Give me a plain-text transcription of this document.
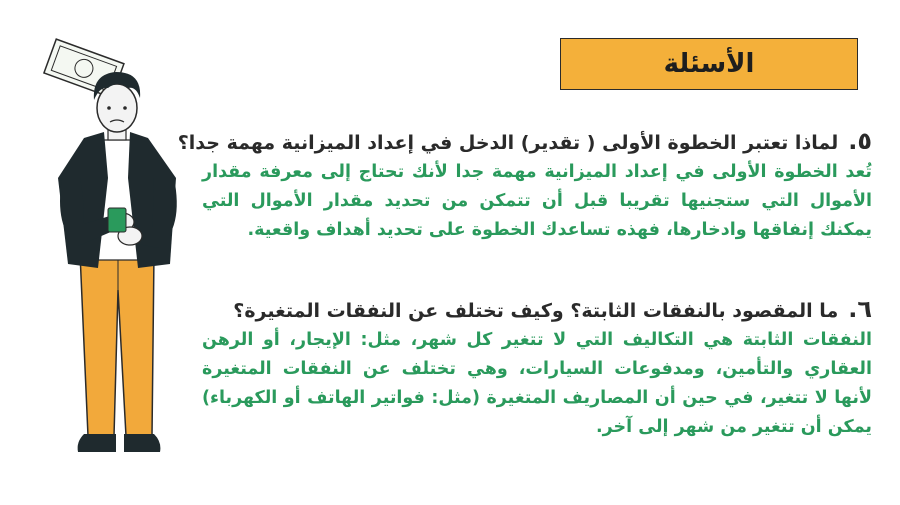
الأسئلة
٥.لماذا تعتبر الخطوة الأولى ( تقدير) الدخل في إعداد الميزانية مهمة جدا؟
تُعد الخطوة الأولى في إعداد الميزانية مهمة جدا لأنك تحتاج إلى معرفة مقدار الأموال التي ستجنيها تقريبا قبل أن تتمكن من تحديد مقدار الأموال التي يمكنك إنفاقها وادخارها، فهذه تساعدك الخطوة على تحديد أهداف واقعية.
٦.ما المقصود بالنفقات الثابتة؟ وكيف تختلف عن النفقات المتغيرة؟
النفقات الثابتة هي التكاليف التي لا تتغير كل شهر، مثل: الإيجار، أو الرهن العقاري والتأمين، ومدفوعات السيارات، وهي تختلف عن النفقات المتغيرة لأنها لا تتغير، في حين أن المصاريف المتغيرة (مثل: فواتير الهاتف أو الكهرباء) يمكن أن تتغير من شهر إلى آخر.
